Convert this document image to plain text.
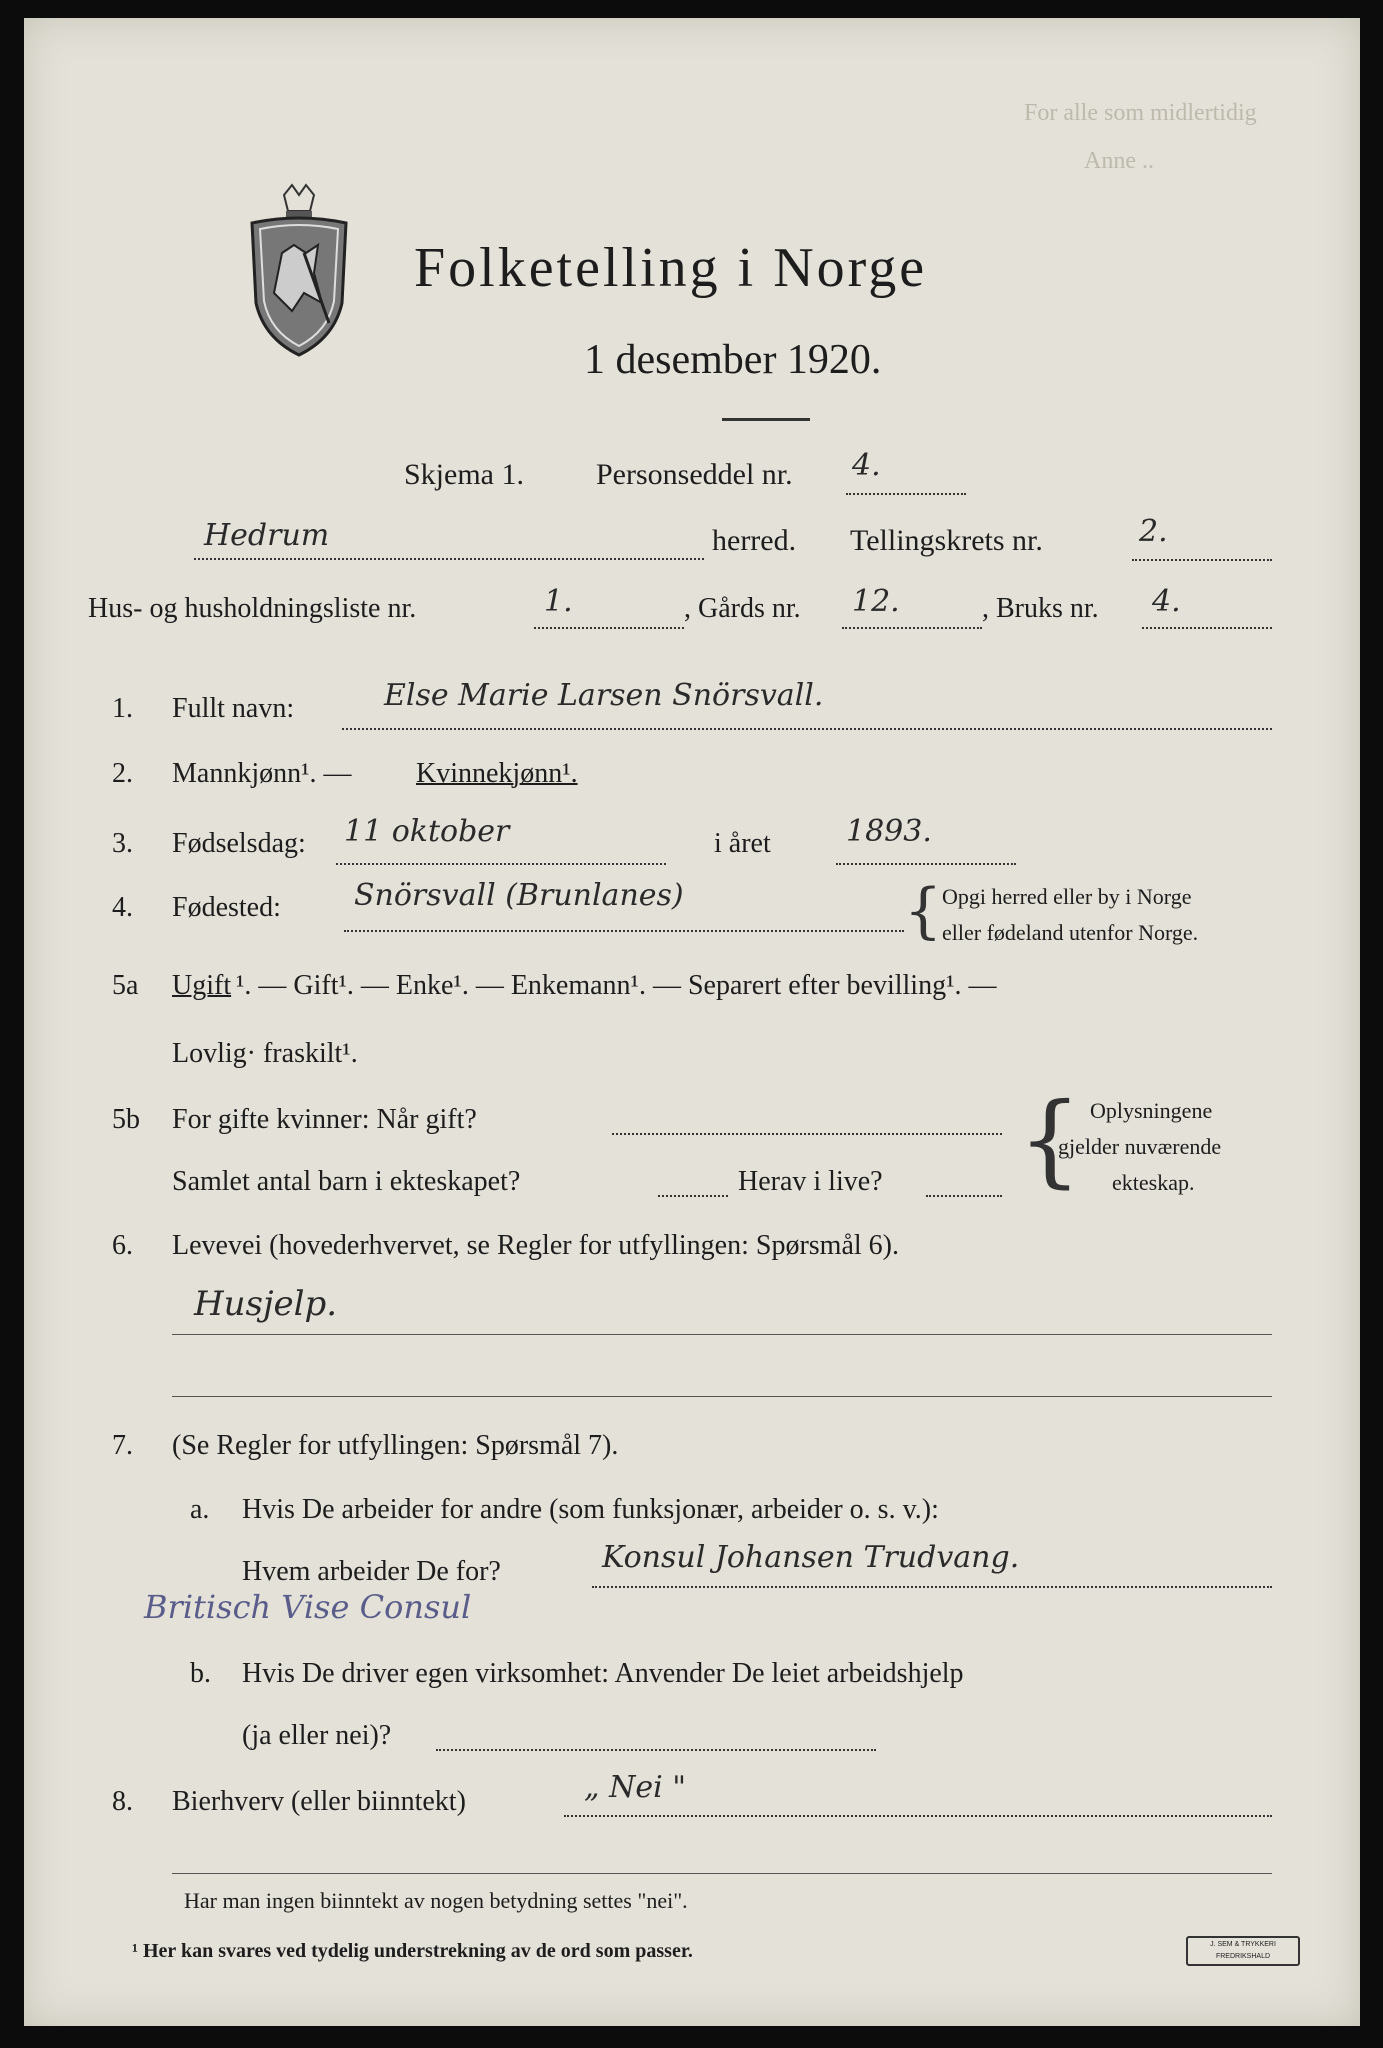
For alle som midlertidig
Anne ..
Folketelling i Norge
1 desember 1920.
Skjema 1. Personseddel nr. 4.
Hedrum	herred. Tellingskrets nr.	2.
Hus- og husholdningsliste nr.	1.	, Gårds nr. 12.	, Bruks nr. 4.
1. Fullt navn:	Else Marie Larsen Snörsvall.
2. Mannkjønn¹. — Kvinnekjønn¹.
3. Fødselsdag: 11 oktober	i året	1893.
4. Fødested: Snörsvall (Brunlanes)	{ Opgi herred eller by i Norge
eller fødeland utenfor Norge.
5a Ugift ¹. — Gift¹. — Enke¹. — Enkemann¹. — Separert efter bevilling¹. —
Lovlig· fraskilt¹.
5b For gifte kvinner: Når gift?
Samlet antal barn i ekteskapet?	Herav i live? { Oplysningene
gjelder nuværende
ekteskap.
6. Levevei (hovederhvervet, se Regler for utfyllingen: Spørsmål 6).
Husjelp.
7. (Se Regler for utfyllingen: Spørsmål 7).
a. Hvis De arbeider for andre (som funksjonær, arbeider o. s. v.):
Hvem arbeider De for?	Konsul Johansen Trudvang.
Britisch Vise Consul
b. Hvis De driver egen virksomhet: Anvender De leiet arbeidshjelp
(ja eller nei)?
8. Bierhverv (eller biinntekt)	„ Nei "
Har man ingen biinntekt av nogen betydning settes "nei".
¹ Her kan svares ved tydelig understrekning av de ord som passer.	J. SEM & TRYKKERI FREDRIKSHALD
